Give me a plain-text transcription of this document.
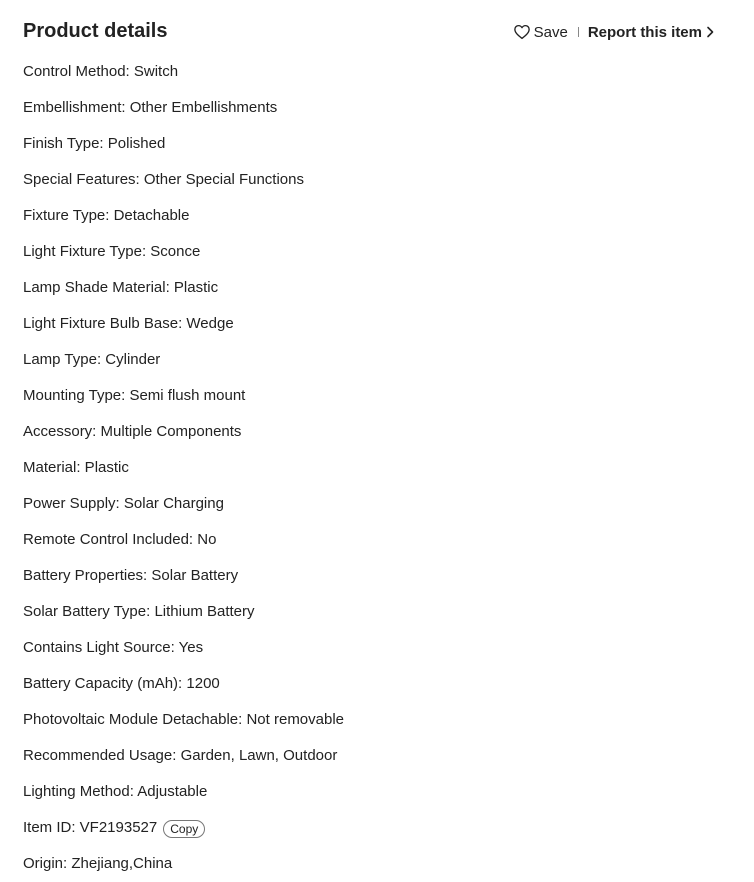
Product details	Save Report this item
Control Method: Switch
Embellishment: Other Embellishments
Finish Type: Polished
Special Features: Other Special Functions
Fixture Type: Detachable
Light Fixture Type: Sconce
Lamp Shade Material: Plastic
Light Fixture Bulb Base: Wedge
Lamp Type: Cylinder
Mounting Type: Semi flush mount
Accessory: Multiple Components
Material: Plastic
Power Supply: Solar Charging
Remote Control Included: No
Battery Properties: Solar Battery
Solar Battery Type: Lithium Battery
Contains Light Source: Yes
Battery Capacity (mAh): 1200
Photovoltaic Module Detachable: Not removable
Recommended Usage: Garden, Lawn, Outdoor
Lighting Method: Adjustable
Item ID: VF2193527	Copy
Origin: Zhejiang,China
